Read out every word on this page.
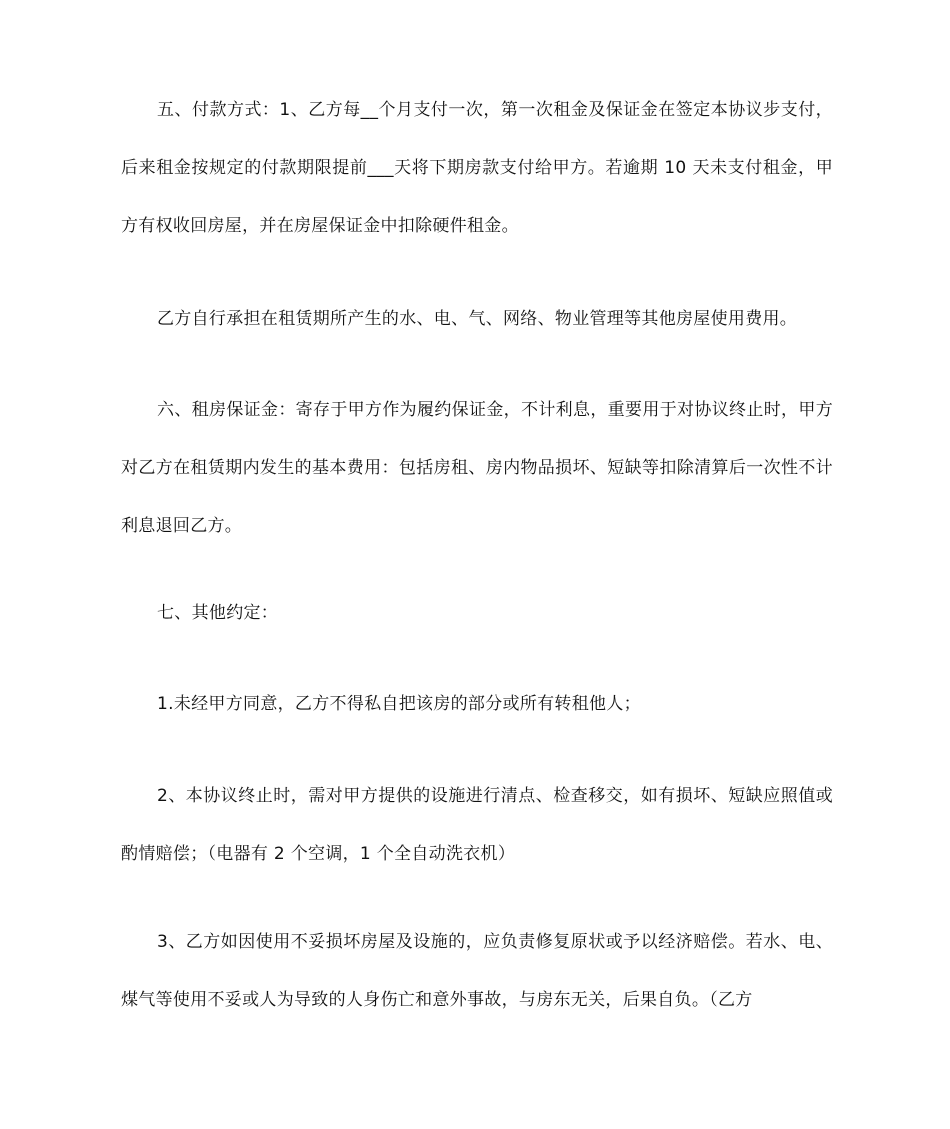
五、付款方式：1、乙方每__个月支付一次，第一次租金及保证金在签定本协议步支付，后来租金按规定的付款期限提前___天将下期房款支付给甲方。若逾期 10 天未支付租金，甲方有权收回房屋，并在房屋保证金中扣除硬件租金。

乙方自行承担在租赁期所产生的水、电、气、网络、物业管理等其他房屋使用费用。

六、租房保证金：寄存于甲方作为履约保证金，不计利息，重要用于对协议终止时，甲方对乙方在租赁期内发生的基本费用：包括房租、房内物品损坏、短缺等扣除清算后一次性不计利息退回乙方。

七、其他约定：

1.未经甲方同意，乙方不得私自把该房的部分或所有转租他人；

2、本协议终止时，需对甲方提供的设施进行清点、检查移交，如有损坏、短缺应照值或酌情赔偿；（电器有 2 个空调，1 个全自动洗衣机）

3、乙方如因使用不妥损坏房屋及设施的，应负责修复原状或予以经济赔偿。若水、电、煤气等使用不妥或人为导致的人身伤亡和意外事故，与房东无关，后果自负。（乙方
